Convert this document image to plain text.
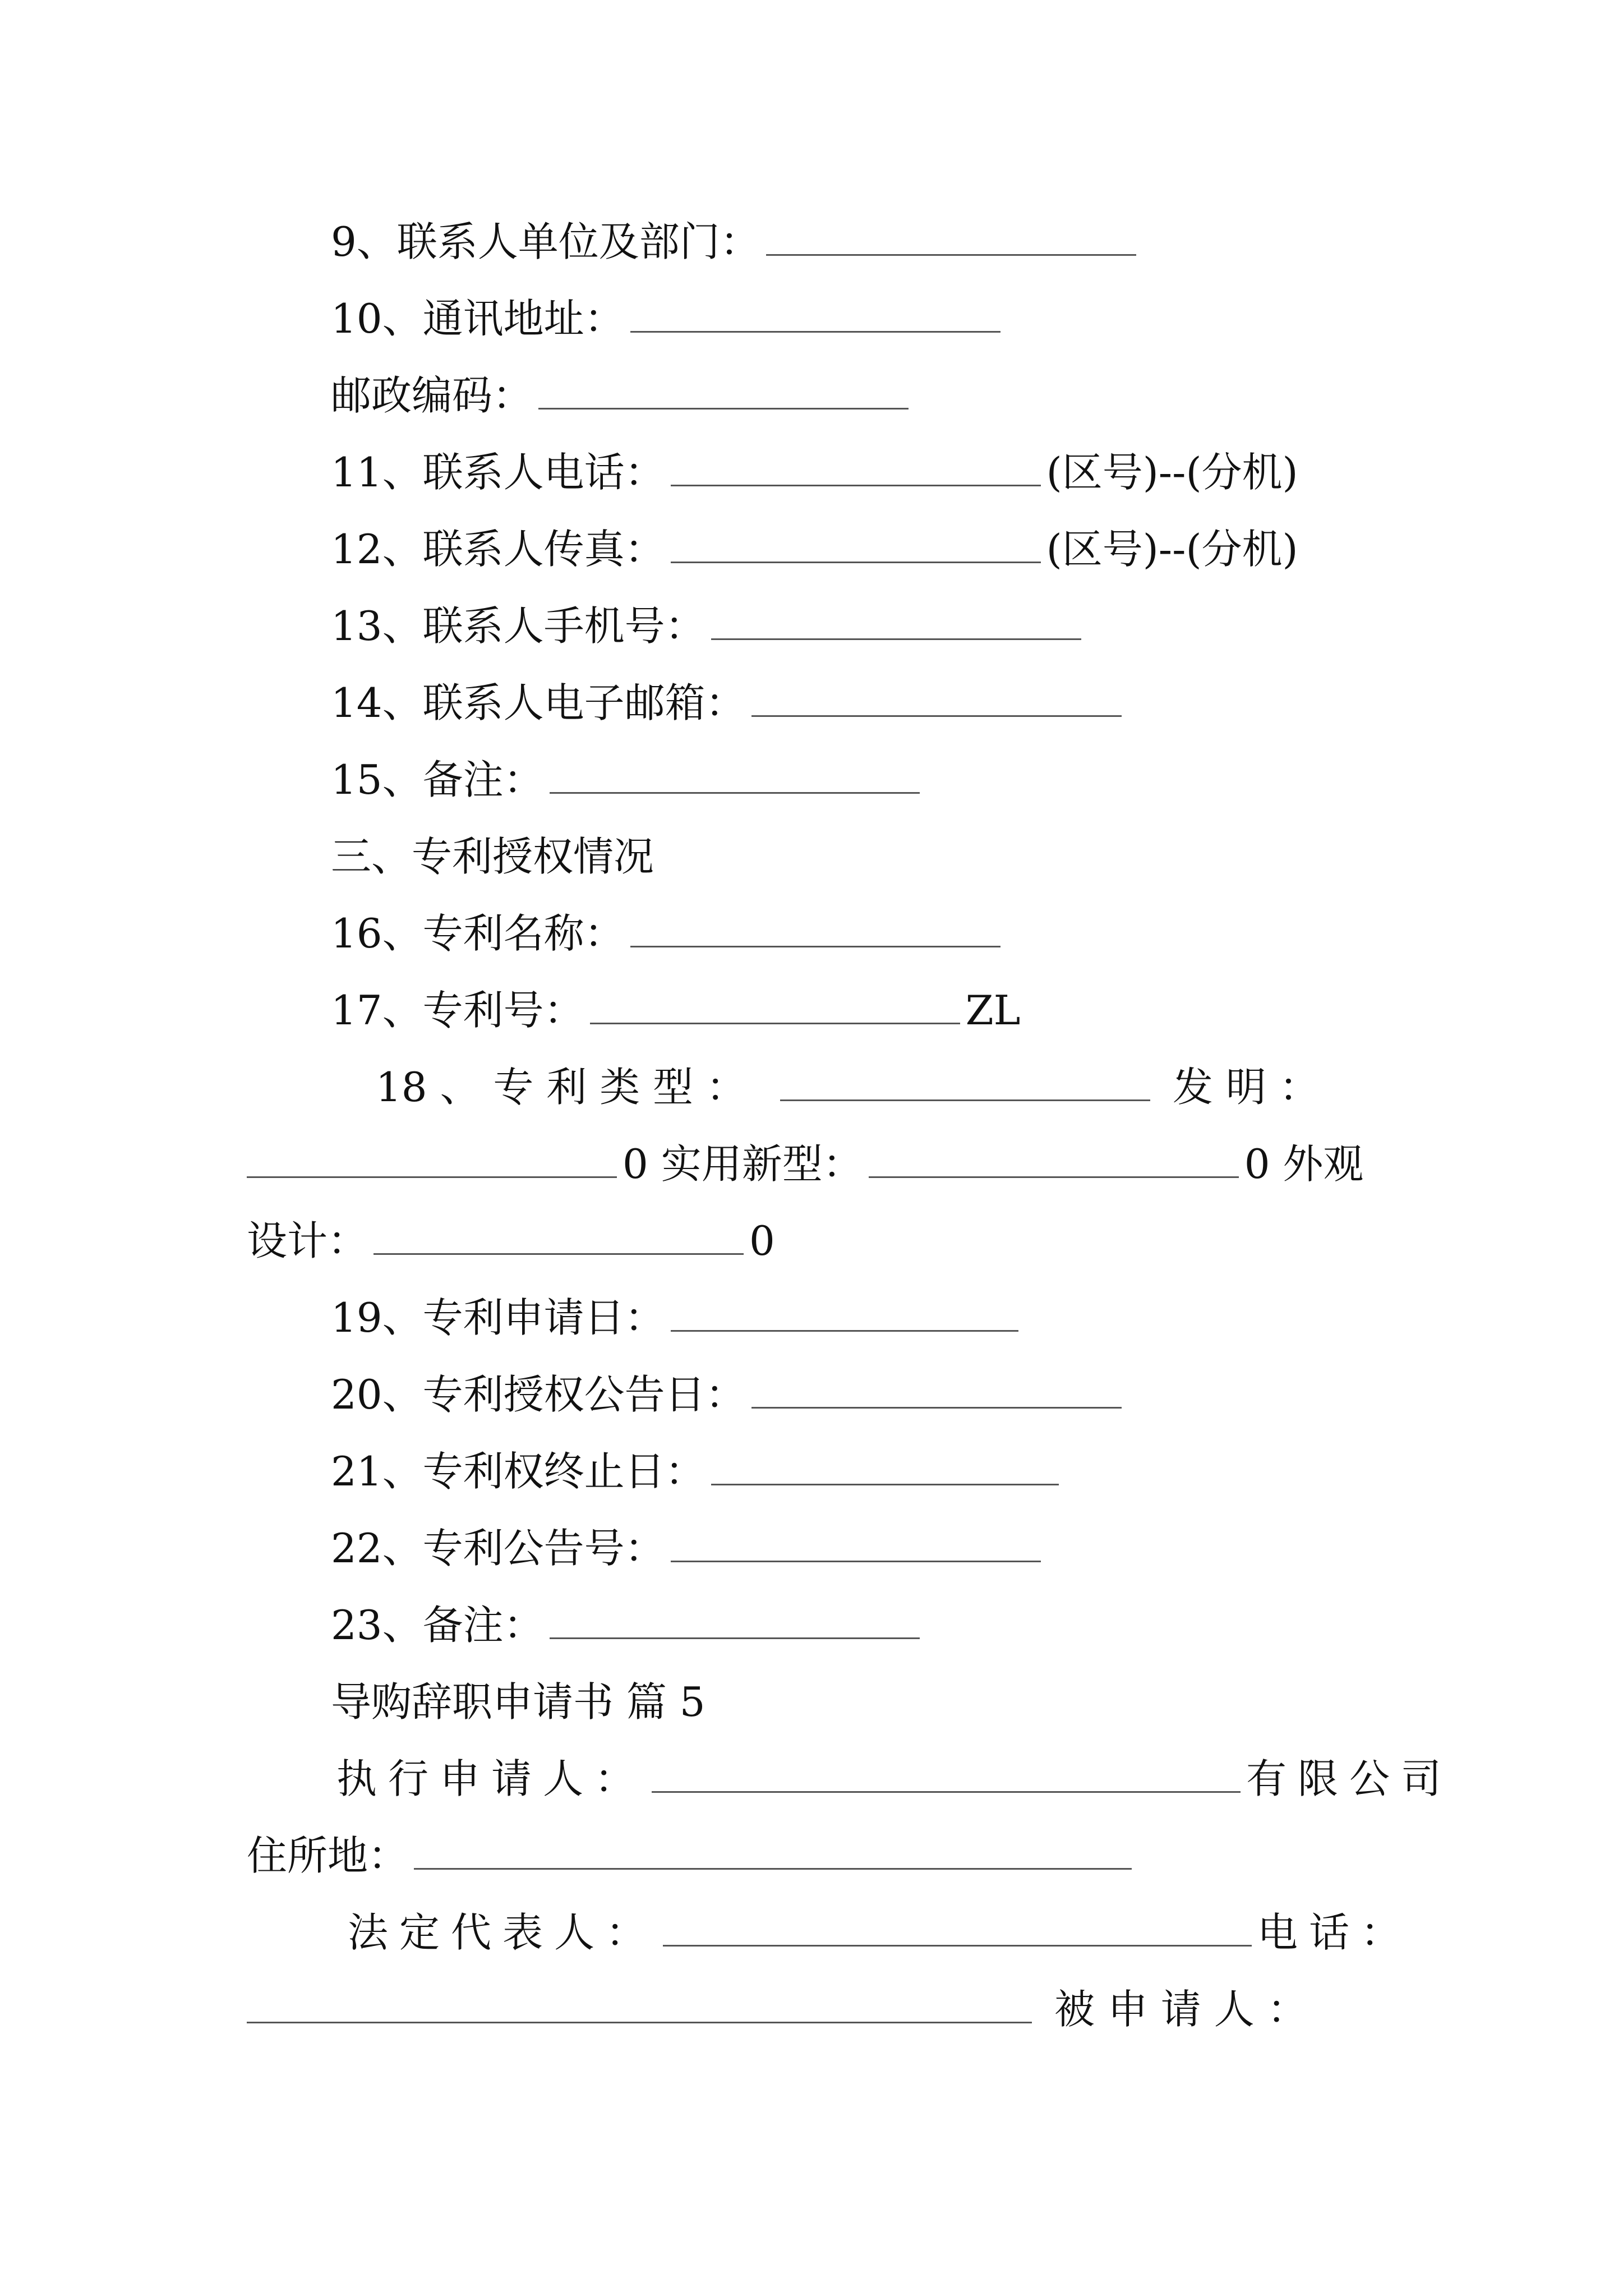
9、联系人单位及部门：
10、通讯地址：
邮政编码：
11、联系人电话：	(区号)--(分机)
12、联系人传真：	(区号)--(分机)
13、联系人手机号：
14、联系人电子邮箱：
15、备注：
三、专利授权情况
16、专利名称：
17、专利号：	ZL
18 、 专 利 类 型 ：	发 明 ：
0 实用新型：	0 外观
设计：	0
19、专利申请日：
20、专利授权公告日：
21、专利权终止日：
22、专利公告号：
23、备注：
导购辞职申请书 篇 5
执行申请人：	有限公司
住所地：
法定代表人：	电话：
被 申 请 人 ：
